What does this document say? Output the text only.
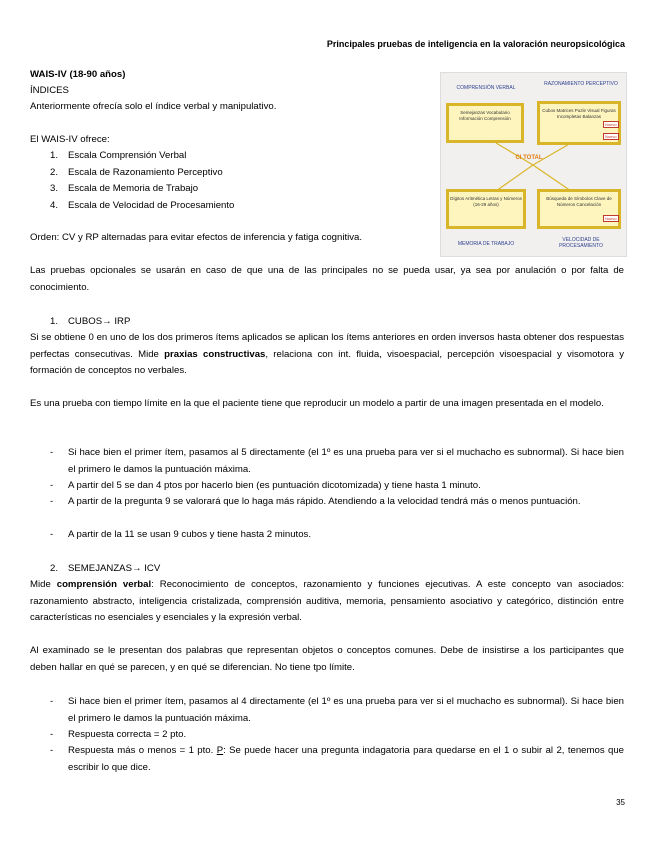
Principales pruebas de inteligencia en la valoración neuropsicológica
WAIS-IV (18-90 años)
ÍNDICES
Anteriormente ofrecía solo el índice verbal y manipulativo.
El WAIS-IV ofrece:
1. Escala Comprensión Verbal
2. Escala de Razonamiento Perceptivo
3. Escala de Memoria de Trabajo
4. Escala de Velocidad de Procesamiento
Orden: CV y RP alternadas para evitar efectos de inferencia y fatiga cognitiva.
COMPRENSIÓN VERBAL
RAZONAMIENTO PERCEPTIVO
Semejanzas Vocabulario Información Comprensión
Cubos Matrices Puzle Visual Figuras Incompletas Balanzas
Nuevo
Nuevo
CI TOTAL
Dígitos Aritmética Letras y Números (16-29 años)
Búsqueda de Símbolos Clave de Números Cancelación
Nuevo
MEMORIA DE TRABAJO
VELOCIDAD DE PROCESAMIENTO
Las pruebas opcionales se usarán en caso de que una de las principales no se pueda usar, ya sea por anulación o por falta de conocimiento.
1. CUBOS→ IRP
Si se obtiene 0 en uno de los dos primeros ítems aplicados se aplican los ítems anteriores en orden inversos hasta obtener dos respuestas perfectas consecutivas. Mide praxias constructivas, relaciona con int. fluida, visoespacial, percepción visoespacial y visomotora y formación de conceptos no verbales.
Es una prueba con tiempo límite en la que el paciente tiene que reproducir un modelo a partir de una imagen presentada en el modelo.
- Si hace bien el primer ítem, pasamos al 5 directamente (el 1º es una prueba para ver si el muchacho es subnormal). Si hace bien el primero le damos la puntuación máxima.
- A partir del 5 se dan 4 ptos por hacerlo bien (es puntuación dicotomizada) y tiene hasta 1 minuto.
- A partir de la pregunta 9 se valorará que lo haga más rápido. Atendiendo a la velocidad tendrá más o menos puntuación.
- A partir de la 11 se usan 9 cubos y tiene hasta 2 minutos.
2. SEMEJANZAS→ ICV
Mide comprensión verbal: Reconocimiento de conceptos, razonamiento y funciones ejecutivas. A este concepto van asociados: razonamiento abstracto, inteligencia cristalizada, comprensión auditiva, memoria, pensamiento asociativo y categórico, distinción entre características no esenciales y esenciales y la expresión verbal.
Al examinado se le presentan dos palabras que representan objetos o conceptos comunes. Debe de insistirse a los participantes que deben hallar en qué se parecen, y en qué se diferencian. No tiene tpo límite.
- Si hace bien el primer ítem, pasamos al 4 directamente (el 1º es una prueba para ver si el muchacho es subnormal). Si hace bien el primero le damos la puntuación máxima.
- Respuesta correcta = 2 pto.
- Respuesta más o menos = 1 pto. P: Se puede hacer una pregunta indagatoria para quedarse en el 1 o subir al 2, tenemos que escribir lo que dice.
35
